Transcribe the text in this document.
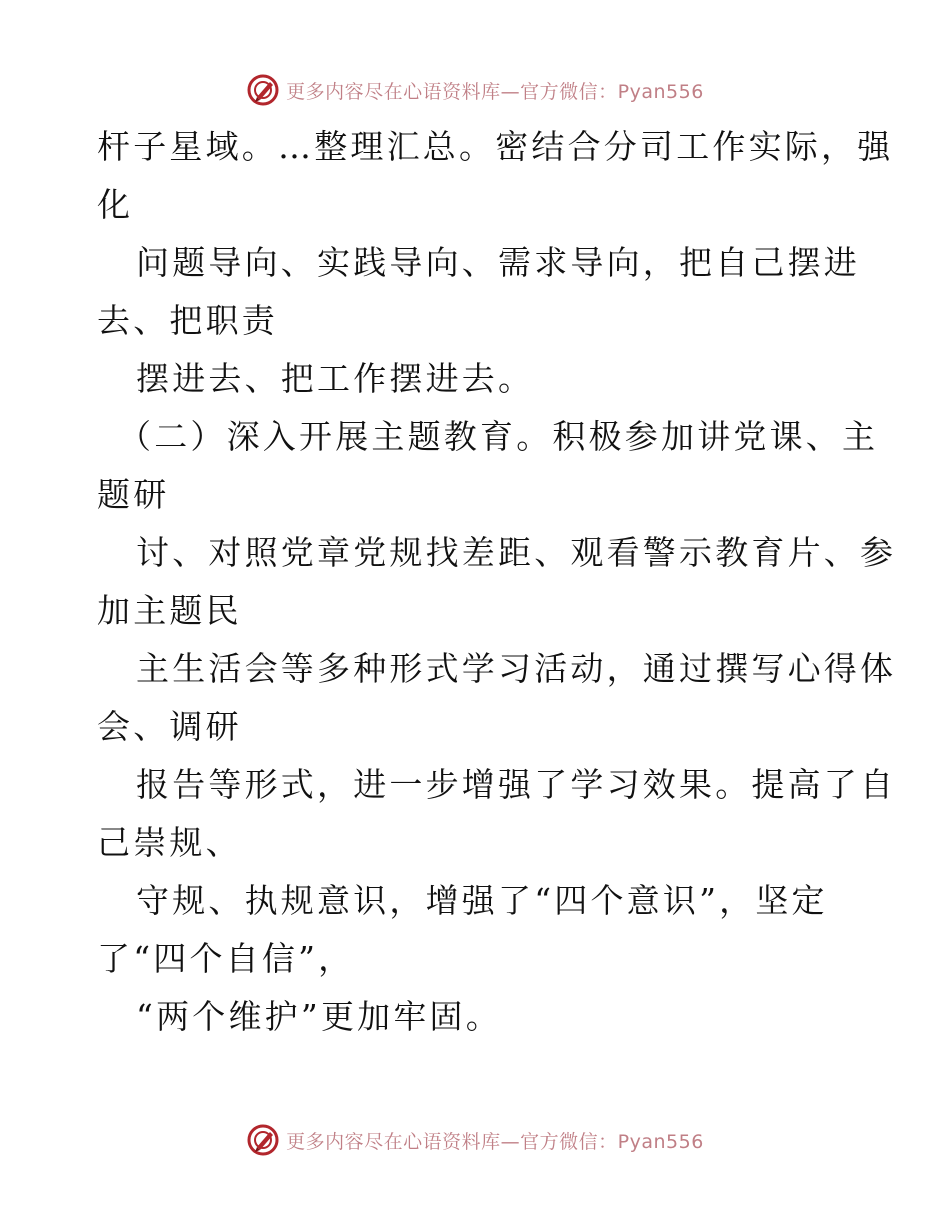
更多内容尽在心语资料库—官方微信：Pyan556
杆子星域。…整理汇总。密结合分司工作实际，强
化
问题导向、实践导向、需求导向，把自己摆进
去、把职责
摆进去、把工作摆进去。
（二）深入开展主题教育。积极参加讲党课、主
题研
讨、对照党章党规找差距、观看警示教育片、参
加主题民
主生活会等多种形式学习活动，通过撰写心得体
会、调研
报告等形式，进一步增强了学习效果。提高了自
己崇规、
守规、执规意识，增强了“四个意识”，坚定
了“四个自信”，
“两个维护”更加牢固。
更多内容尽在心语资料库—官方微信：Pyan556
